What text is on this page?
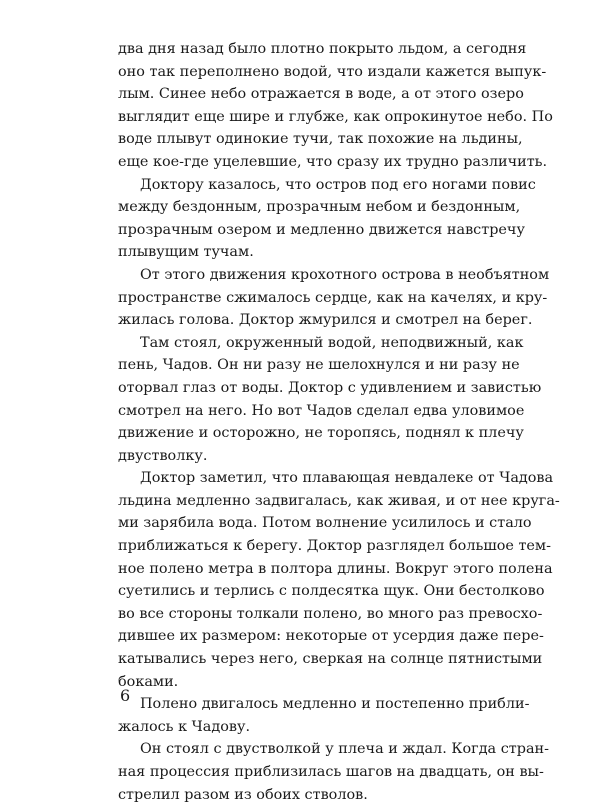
два дня назад было плотно покрыто льдом, а сегодня
оно так переполнено водой, что издали кажется выпук-
лым. Синее небо отражается в воде, а от этого озеро
выглядит еще шире и глубже, как опрокинутое небо. По
воде плывут одинокие тучи, так похожие на льдины,
еще кое-где уцелевшие, что сразу их трудно различить.
Доктору казалось, что остров под его ногами повис
между бездонным, прозрачным небом и бездонным,
прозрачным озером и медленно движется навстречу
плывущим тучам.
От этого движения крохотного острова в необъятном
пространстве сжималось сердце, как на качелях, и кру-
жилась голова. Доктор жмурился и смотрел на берег.
Там стоял, окруженный водой, неподвижный, как
пень, Чадов. Он ни разу не шелохнулся и ни разу не
оторвал глаз от воды. Доктор с удивлением и завистью
смотрел на него. Но вот Чадов сделал едва уловимое
движение и осторожно, не торопясь, поднял к плечу
двустволку.
Доктор заметил, что плавающая невдалеке от Чадова
льдина медленно задвигалась, как живая, и от нее круга-
ми зарябила вода. Потом волнение усилилось и стало
приближаться к берегу. Доктор разглядел большое тем-
ное полено метра в полтора длины. Вокруг этого полена
суетились и терлись с полдесятка щук. Они бестолково
во все стороны толкали полено, во много раз превосхо-
дившее их размером: некоторые от усердия даже пере-
катывались через него, сверкая на солнце пятнистыми
боками.
Полено двигалось медленно и постепенно прибли-
жалось к Чадову.
Он стоял с двустволкой у плеча и ждал. Когда стран-
ная процессия приблизилась шагов на двадцать, он вы-
стрелил разом из обоих стволов.
6
